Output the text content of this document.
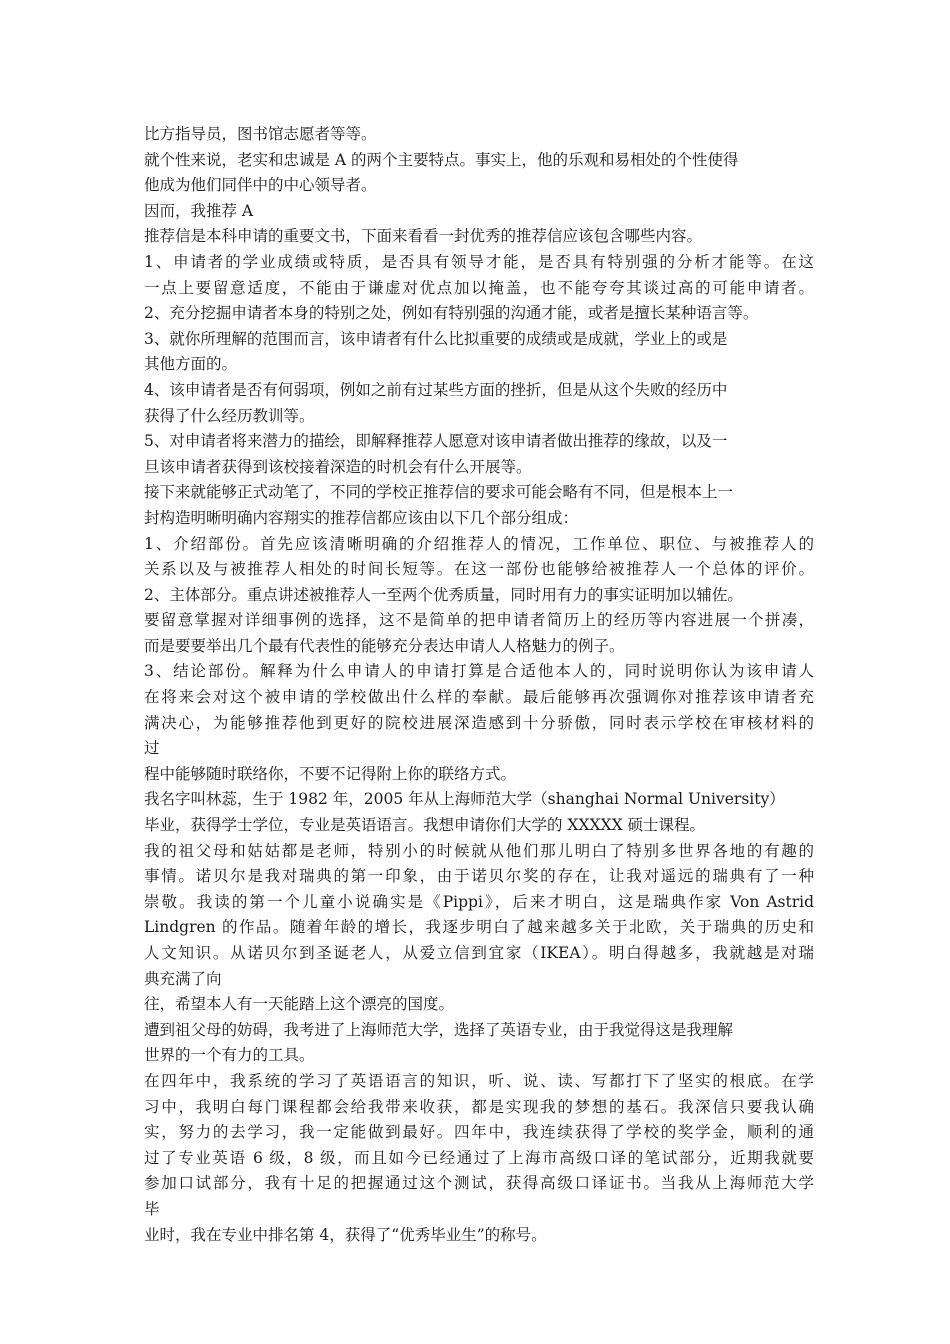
比方指导员，图书馆志愿者等等。
就个性来说，老实和忠诚是 A 的两个主要特点。事实上，他的乐观和易相处的个性使得
他成为他们同伴中的中心领导者。
因而，我推荐 A
推荐信是本科申请的重要文书，下面来看看一封优秀的推荐信应该包含哪些内容。
1、申请者的学业成绩或特质，是否具有领导才能，是否具有特别强的分析才能等。在这
一点上要留意适度，不能由于谦虚对优点加以掩盖，也不能夸夸其谈过高的可能申请者。
2、充分挖掘申请者本身的特别之处，例如有特别强的沟通才能，或者是擅长某种语言等。
3、就你所理解的范围而言，该申请者有什么比拟重要的成绩或是成就，学业上的或是
其他方面的。
4、该申请者是否有何弱项，例如之前有过某些方面的挫折，但是从这个失败的经历中
获得了什么经历教训等。
5、对申请者将来潜力的描绘，即解释推荐人愿意对该申请者做出推荐的缘故，以及一
旦该申请者获得到该校接着深造的时机会有什么开展等。
接下来就能够正式动笔了，不同的学校正推荐信的要求可能会略有不同，但是根本上一
封构造明晰明确内容翔实的推荐信都应该由以下几个部分组成：
1、介绍部份。首先应该清晰明确的介绍推荐人的情况，工作单位、职位、与被推荐人的
关系以及与被推荐人相处的时间长短等。在这一部份也能够给被推荐人一个总体的评价。
2、主体部分。重点讲述被推荐人一至两个优秀质量，同时用有力的事实证明加以辅佐。
要留意掌握对详细事例的选择，这不是简单的把申请者简历上的经历等内容进展一个拼凑，
而是要要举出几个最有代表性的能够充分表达申请人人格魅力的例子。
3、结论部份。解释为什么申请人的申请打算是合适他本人的，同时说明你认为该申请人
在将来会对这个被申请的学校做出什么样的奉献。最后能够再次强调你对推荐该申请者充
满决心，为能够推荐他到更好的院校进展深造感到十分骄傲，同时表示学校在审核材料的
过
程中能够随时联络你，不要不记得附上你的联络方式。
我名字叫林蕊，生于 1982 年，2005 年从上海师范大学（shanghai Normal University）
毕业，获得学士学位，专业是英语语言。我想申请你们大学的 XXXXX 硕士课程。
我的祖父母和姑姑都是老师，特别小的时候就从他们那儿明白了特别多世界各地的有趣的
事情。诺贝尔是我对瑞典的第一印象，由于诺贝尔奖的存在，让我对遥远的瑞典有了一种
崇敬。我读的第一个儿童小说确实是《Pippi》，后来才明白，这是瑞典作家 Von Astrid
Lindgren 的作品。随着年龄的增长，我逐步明白了越来越多关于北欧，关于瑞典的历史和
人文知识。从诺贝尔到圣诞老人，从爱立信到宜家（IKEA）。明白得越多，我就越是对瑞
典充满了向
往，希望本人有一天能踏上这个漂亮的国度。
遭到祖父母的妨碍，我考进了上海师范大学，选择了英语专业，由于我觉得这是我理解
世界的一个有力的工具。
在四年中，我系统的学习了英语语言的知识，听、说、读、写都打下了坚实的根底。在学
习中，我明白每门课程都会给我带来收获，都是实现我的梦想的基石。我深信只要我认确
实，努力的去学习，我一定能做到最好。四年中，我连续获得了学校的奖学金，顺利的通
过了专业英语 6 级，8 级，而且如今已经通过了上海市高级口译的笔试部分，近期我就要
参加口试部分，我有十足的把握通过这个测试，获得高级口译证书。当我从上海师范大学
毕
业时，我在专业中排名第 4，获得了“优秀毕业生”的称号。
